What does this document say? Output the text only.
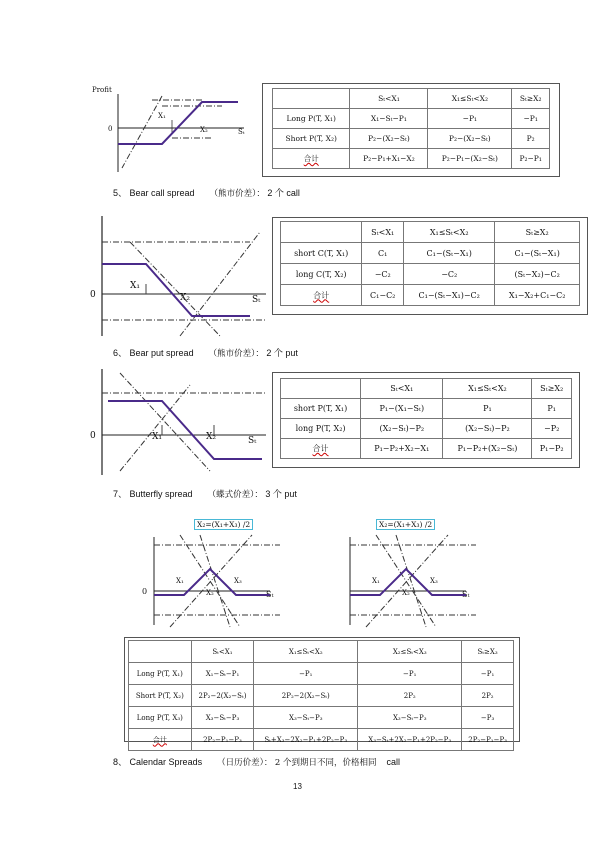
0
X₁
X₂	Sₜ
Profit
	Sₜ<X₁	X₁≤Sₜ<X₂	Sₜ≥X₂
Long P(T, X₁)	X₁−Sₜ−P₁	−P₁	−P₁
Short P(T, X₂)	P₂−(X₂−Sₜ)	P₂−(X₂−Sₜ)	P₂
合计	P₂−P₁+X₁−X₂	P₂−P₁−(X₂−Sₜ)	P₂−P₁
5、 Bear call spread （熊市价差）： 2 个 call
0
X₁
X₂	Sₜ
	Sₜ<X₁	X₁≤Sₜ<X₂	Sₜ≥X₂
short C(T, X₁)	C₁	C₁−(Sₜ−X₁)	C₁−(Sₜ−X₁)
long C(T, X₂)	−C₂	−C₂	(Sₜ−X₂)−C₂
合计	C₁−C₂	C₁−(Sₜ−X₁)−C₂	X₁−X₂+C₁−C₂
6、 Bear put spread （熊市价差）： 2 个 put
0	X₁	X₂	Sₜ
	Sₜ<X₁	X₁≤Sₜ<X₂	Sₜ≥X₂
short P(T, X₁)	P₁−(X₁−Sₜ)	P₁	P₁
long P(T, X₂)	(X₂−Sₜ)−P₂	(X₂−Sₜ)−P₂	−P₂
合计	P₁−P₂+X₂−X₁	P₁−P₂+(X₂−Sₜ)	P₁−P₂
7、 Butterfly spread （蝶式价差）： 3 个 put
X₂=(X₁+X₃) /2	X₂=(X₁+X₃) /2
0
X₁
X₂
X₃
Sₜ
X₁
X₂
X₃
Sₜ
	Sₜ<X₁	X₁≤Sₜ<X₂	X₂≤Sₜ<X₃	Sₜ≥X₃
Long P(T, X₁)	X₁−Sₜ−P₁	−P₁	−P₁	−P₁
Short P(T, X₂)	2P₂−2(X₂−Sₜ)	2P₂−2(X₂−Sₜ)	2P₂	2P₂
Long P(T, X₃)	X₃−Sₜ−P₃	X₃−Sₜ−P₃	X₃−Sₜ−P₃	−P₃
合计	2P₂−P₁−P₃	Sₜ+X₃−2X₂−P₁+2P₂−P₃	X₃−Sₜ+2X₂−P₁+2P₂−P₃	2P₂−P₁−P₃
8、 Calendar Spreads （日历价差）： 2 个到期日不同，价格相同 call
13
